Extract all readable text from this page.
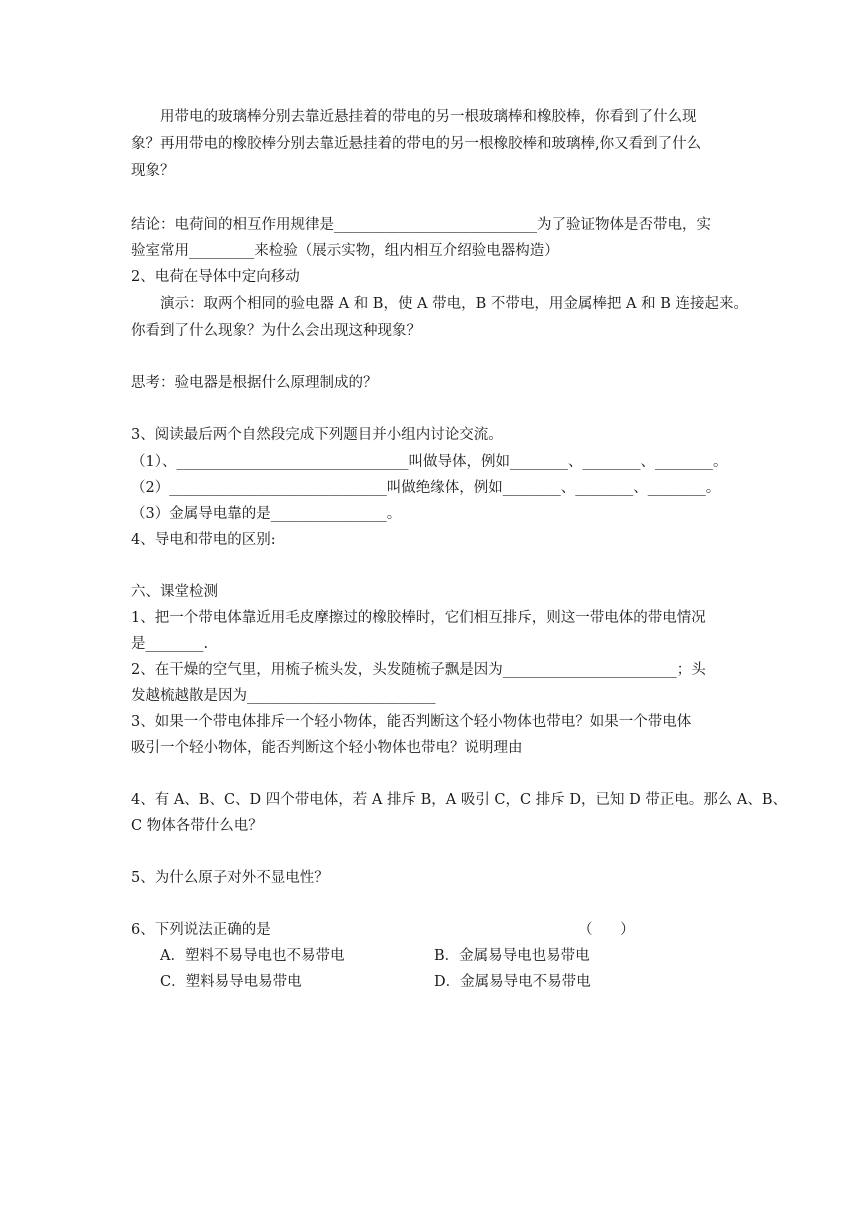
用带电的玻璃棒分别去靠近悬挂着的带电的另一根玻璃棒和橡胶棒，你看到了什么现
象？再用带电的橡胶棒分别去靠近悬挂着的带电的另一根橡胶棒和玻璃棒,你又看到了什么
现象？
结论：电荷间的相互作用规律是____________________________为了验证物体是否带电，实
验室常用_________来检验（展示实物，组内相互介绍验电器构造）
2、电荷在导体中定向移动
演示：取两个相同的验电器 A 和 B，使 A 带电，B 不带电，用金属棒把 A 和 B 连接起来。
你看到了什么现象？为什么会出现这种现象？
思考：验电器是根据什么原理制成的？
3、阅读最后两个自然段完成下列题目并小组内讨论交流。
（1）、________________________________叫做导体，例如________、________、________。
（2）______________________________叫做绝缘体，例如________、________、________。
（3）金属导电靠的是________________。
4、导电和带电的区别:
六、课堂检测
1、把一个带电体靠近用毛皮摩擦过的橡胶棒时，它们相互排斥，则这一带电体的带电情况
是________.
2、在干燥的空气里，用梳子梳头发，头发随梳子飘是因为________________________；头
发越梳越散是因为__________________________
3、如果一个带电体排斥一个轻小物体，能否判断这个轻小物体也带电？如果一个带电体
吸引一个轻小物体，能否判断这个轻小物体也带电？说明理由
4、有 A、B、C、D 四个带电体，若 A 排斥 B，A 吸引 C，C 排斥 D，已知 D 带正电。那么 A、B、
C 物体各带什么电？
5、为什么原子对外不显电性？
6、下列说法正确的是	（      ）
A．塑料不易导电也不易带电	B．金属易导电也易带电
C．塑料易导电易带电	D．金属易导电不易带电
